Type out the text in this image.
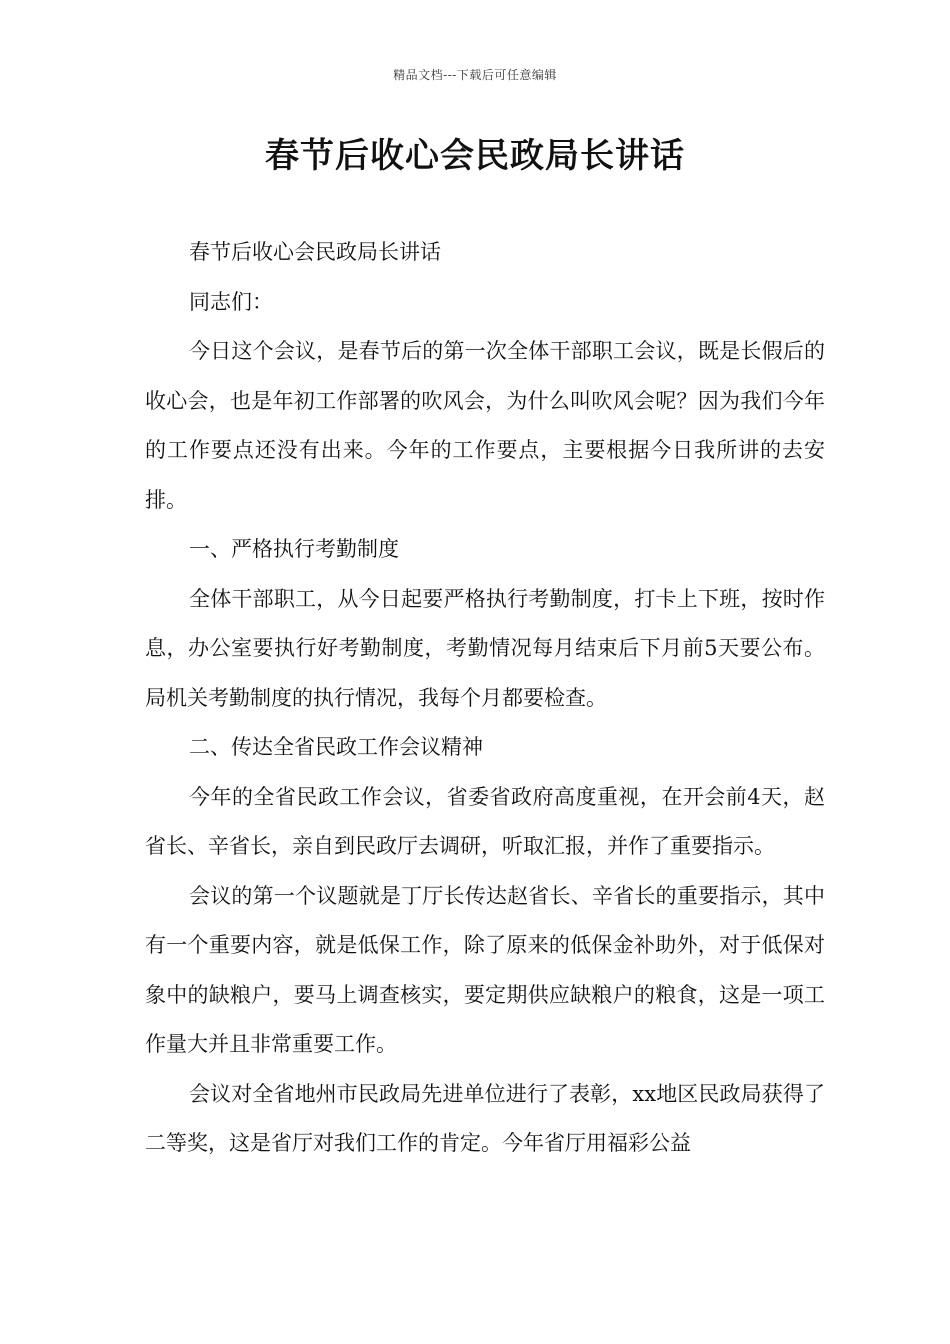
精品文档---下载后可任意编辑
春节后收心会民政局长讲话

春节后收心会民政局长讲话

同志们：

今日这个会议，是春节后的第一次全体干部职工会议，既是长假后的收心会，也是年初工作部署的吹风会，为什么叫吹风会呢？因为我们今年的工作要点还没有出来。今年的工作要点，主要根据今日我所讲的去安排。

一、严格执行考勤制度

全体干部职工，从今日起要严格执行考勤制度，打卡上下班，按时作息，办公室要执行好考勤制度，考勤情况每月结束后下月前5天要公布。局机关考勤制度的执行情况，我每个月都要检查。

二、传达全省民政工作会议精神

今年的全省民政工作会议，省委省政府高度重视，在开会前4天，赵省长、辛省长，亲自到民政厅去调研，听取汇报，并作了重要指示。

会议的第一个议题就是丁厅长传达赵省长、辛省长的重要指示，其中有一个重要内容，就是低保工作，除了原来的低保金补助外，对于低保对象中的缺粮户，要马上调查核实，要定期供应缺粮户的粮食，这是一项工作量大并且非常重要工作。

会议对全省地州市民政局先进单位进行了表彰，xx地区民政局获得了二等奖，这是省厅对我们工作的肯定。今年省厅用福彩公益
